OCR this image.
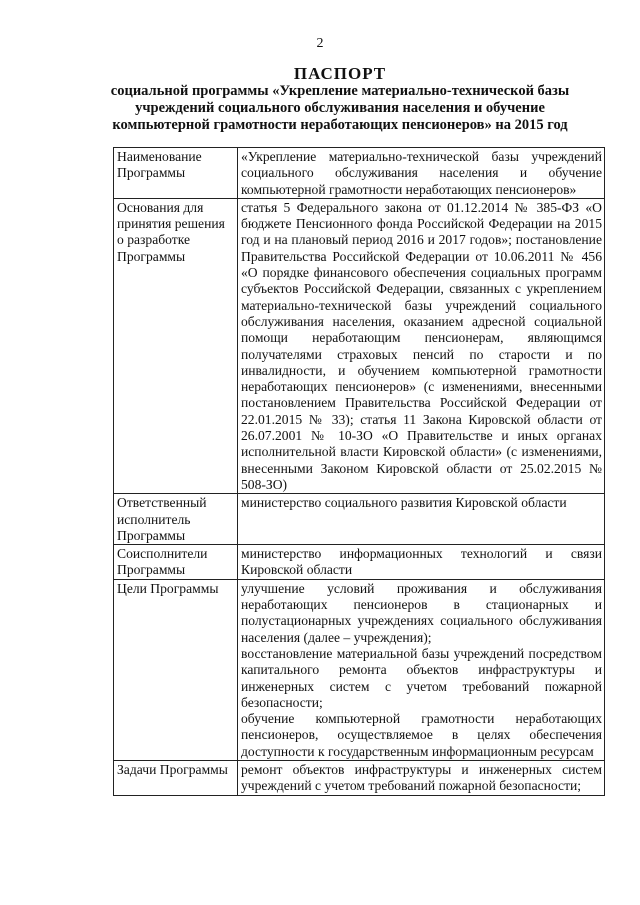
2
ПАСПОРТ
социальной программы «Укрепление материально-технической базы учреждений социального обслуживания населения и обучение компьютерной грамотности неработающих пенсионеров» на 2015 год
Наименование Программы	«Укрепление материально-технической базы учреждений социального обслуживания населения и обучение компьютерной грамотности неработающих пенсионеров»

Основания для принятия решения о разработке Программы	статья 5 Федерального закона от 01.12.2014 № 385-ФЗ «О бюджете Пенсионного фонда Российской Федерации на 2015 год и на плановый период 2016 и 2017 годов»; постановление Правительства Российской Федерации от 10.06.2011 № 456 «О порядке финансового обеспечения социальных программ субъектов Российской Федерации, связанных с укреплением материально-технической базы учреждений социального обслуживания населения, оказанием адресной социальной помощи неработающим пенсионерам, являющимся получателями страховых пенсий по старости и по инвалидности, и обучением компьютерной грамотности неработающих пенсионеров» (с изменениями, внесенными постановлением Правительства Российской Федерации от 22.01.2015 № 33); статья 11 Закона Кировской области от 26.07.2001 № 10-ЗО «О Правительстве и иных органах исполнительной власти Кировской области» (с изменениями, внесенными Законом Кировской области от 25.02.2015 № 508-ЗО)

Ответственный исполнитель Программы	министерство социального развития Кировской области

Соисполнители Программы	министерство информационных технологий и связи Кировской области

Цели Программы	улучшение условий проживания и обслуживания неработающих пенсионеров в стационарных и полустационарных учреждениях социального обслуживания населения (далее – учреждения);
восстановление материальной базы учреждений посредством капитального ремонта объектов инфраструктуры и инженерных систем с учетом требований пожарной безопасности;
обучение компьютерной грамотности неработающих пенсионеров, осуществляемое в целях обеспечения доступности к государственным информационным ресурсам

Задачи Программы	ремонт объектов инфраструктуры и инженерных систем учреждений с учетом требований пожарной безопасности;
